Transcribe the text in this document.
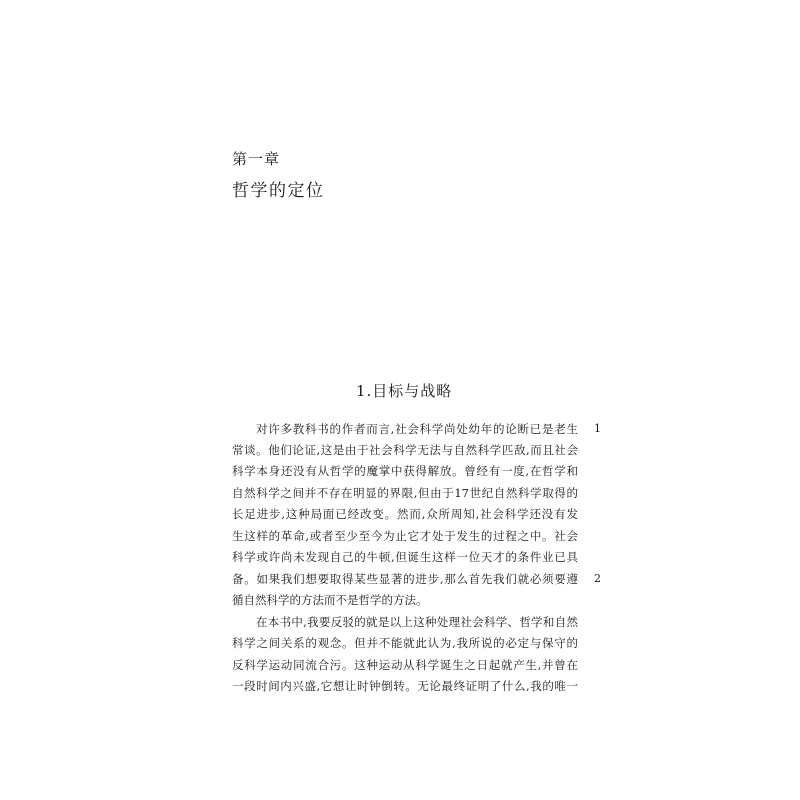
第一章
哲学的定位
1.目标与战略
对许多教科书的作者而言,社会科学尚处幼年的论断已是老生
常谈。他们论证,这是由于社会科学无法与自然科学匹敌,而且社会
科学本身还没有从哲学的魔掌中获得解放。曾经有一度,在哲学和
自然科学之间并不存在明显的界限,但由于17世纪自然科学取得的
长足进步,这种局面已经改变。然而,众所周知,社会科学还没有发
生这样的革命,或者至少至今为止它才处于发生的过程之中。社会
科学或许尚未发现自己的牛顿,但诞生这样一位天才的条件业已具
备。如果我们想要取得某些显著的进步,那么首先我们就必须要遵
循自然科学的方法而不是哲学的方法。
在本书中,我要反驳的就是以上这种处理社会科学、哲学和自然
科学之间关系的观念。但并不能就此认为,我所说的必定与保守的
反科学运动同流合污。这种运动从科学诞生之日起就产生,并曾在
一段时间内兴盛,它想让时钟倒转。无论最终证明了什么,我的唯一
1
2
